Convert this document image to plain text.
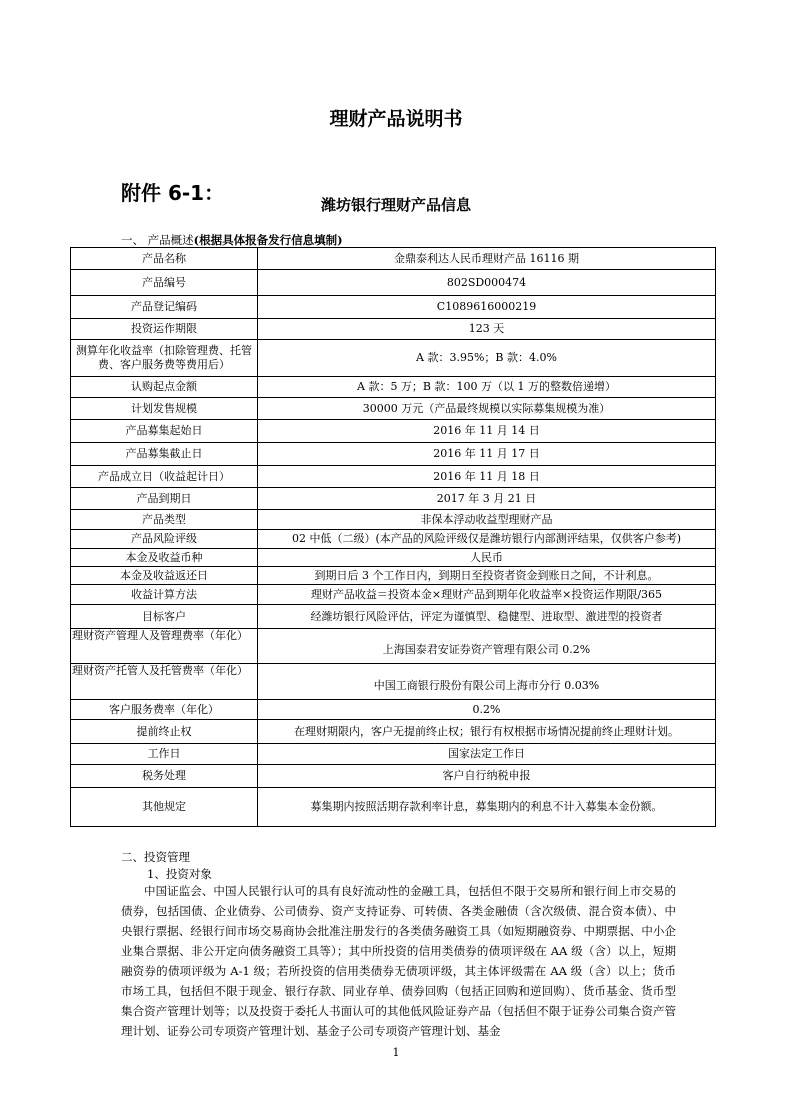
理财产品说明书
附件 6-1：	潍坊银行理财产品信息
一、 产品概述(根据具体报备发行信息填制)
产品名称	金鼎泰利达人民币理财产品 16116 期
产品编号	802SD000474
产品登记编码	C1089616000219
投资运作期限	123 天
测算年化收益率（扣除管理费、托管费、客户服务费等费用后）	A 款：3.95%；B 款：4.0%
认购起点金额	A 款：5 万；B 款：100 万（以 1 万的整数倍递增）
计划发售规模	30000 万元（产品最终规模以实际募集规模为准）
产品募集起始日	2016 年 11 月 14 日
产品募集截止日	2016 年 11 月 17 日
产品成立日（收益起计日）	2016 年 11 月 18 日
产品到期日	2017 年 3 月 21 日
产品类型	非保本浮动收益型理财产品
产品风险评级	02 中低（二级）(本产品的风险评级仅是潍坊银行内部测评结果，仅供客户参考)
本金及收益币种	人民币
本金及收益返还日	到期日后 3 个工作日内，到期日至投资者资金到账日之间，不计利息。
收益计算方法	理财产品收益＝投资本金×理财产品到期年化收益率×投资运作期限/365
目标客户	经潍坊银行风险评估，评定为谨慎型、稳健型、进取型、激进型的投资者
理财资产管理人及管理费率（年化）	上海国泰君安证券资产管理有限公司 0.2%
理财资产托管人及托管费率（年化）	中国工商银行股份有限公司上海市分行 0.03%
客户服务费率（年化）	0.2%
提前终止权	在理财期限内，客户无提前终止权；银行有权根据市场情况提前终止理财计划。
工作日	国家法定工作日
税务处理	客户自行纳税申报
其他规定	募集期内按照活期存款利率计息，募集期内的利息不计入募集本金份额。
二、投资管理
1、投资对象

中国证监会、中国人民银行认可的具有良好流动性的金融工具，包括但不限于交易所和银行间上市交易的债券，包括国债、企业债券、公司债券、资产支持证券、可转债、各类金融债（含次级债、混合资本债）、中央银行票据、经银行间市场交易商协会批准注册发行的各类债务融资工具（如短期融资券、中期票据、中小企业集合票据、非公开定向债务融资工具等）；其中所投资的信用类债券的债项评级在 AA 级（含）以上，短期融资券的债项评级为 A-1 级；若所投资的信用类债券无债项评级，其主体评级需在 AA 级（含）以上；货币市场工具，包括但不限于现金、银行存款、同业存单、债券回购（包括正回购和逆回购）、货币基金、货币型集合资产管理计划等；以及投资于委托人书面认可的其他低风险证券产品（包括但不限于证券公司集合资产管理计划、证券公司专项资产管理计划、基金子公司专项资产管理计划、基金

1
